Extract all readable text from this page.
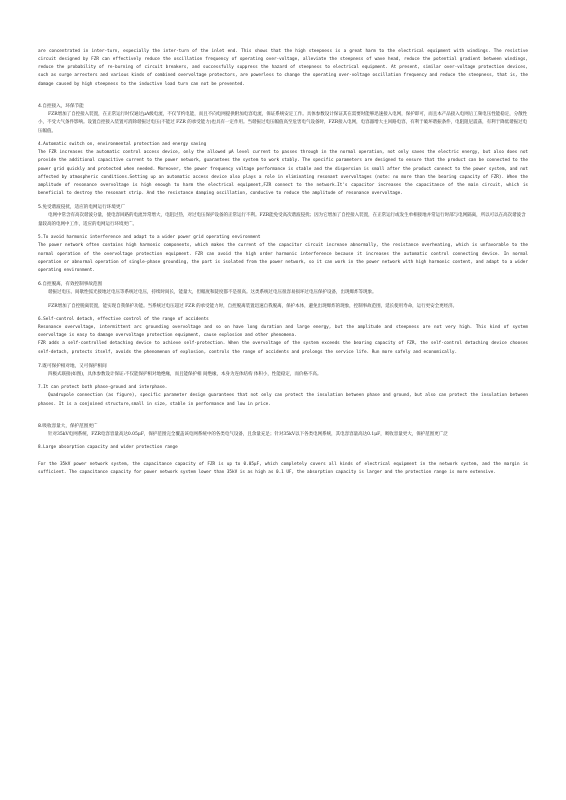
are concentrated in inter-turn, especially the inter-turn of the inlet end. This shows that the high steepness is a great harm to the electrical equipment with windings. The resistive circuit designed by FZR can effectively reduce the oscillation frequency of operating over-voltage, alleviate the steepness of wave head, reduce the potential gradient between windings, reduce the probability of re-burning of circuit breakers, and successfully suppress the hazard of steepness to electrical equipment. At present, similar over-voltage protection devices, such as surge arresters and various kinds of combined overvoltage protectors, are powerless to change the operating over-voltage oscillation frequency and reduce the steepness, that is, the damage caused by high steepness to the inductive load turn can not be prevented.

4.自控接入，环保节能

FZR增加了自控接入装置，在正常运行时仅通过μA级电流，不仅节约电能，而且不向电网提供附加电容电流，保证系统安定工作。具体参数设计保证其在需要时能够迅速接入电网，保护即可，而且本产品接入电网后工频电压性能稳定，分散性小，不受大气条件影响。设置自控接入装置可消除谐振过电压(不能过 FZR 的承受能力)也具有一定作用。当谐振过电压幅值高至危害电气设备时，FZR接入电网，电容器增大主回路电容，有利于破坏谐振条件，电阻阻尼震荡，有利于降低谐振过电压幅值。

4.Automatic switch on, environmental protection and energy saving

The FZR increases the automatic control access device, only the allowed μA level current to passes through in the normal operation, not only saves the electric energy, but also does not provide the additional capacitive current to the power network, guarantees the system to work stably. The specific parameters are designed to ensure that the product can be connected to the power grid quickly and protected when needed. Moreover, the power frequency voltage performance is stable and the dispersion is small after the product connect to the power system, and not affected by atmospheric conditions.Setting up an automatic access device also plays a role in eliminating resonant overvoltages (note: no more than the bearing capacity of FZR). When the amplitude of resonance overvoltage is high enough to harm the electrical equipment,FZR connect to the network.It's capacitor increases the capacitance of the main circuit, which is beneficial to destroy the resonant strip. And the resistance damping oscillation, conducive to reduce the amplitude of resonance overvoltage.

5.免受谐波侵扰，适应的电网运行环境更广

电网中常含有高次谐波分量，使电容回路的电流异常增大，电阻过热，对过电压保护设备的正常运行不利。FZR能免受高次谐波侵扰；因为它增加了自控接入装置，在正常运行或发生单相接地并常运行时部与电网隔离，所以可以在高次谐波含量较高的电网中工作，适应的电网运行环境更广。

5.To avoid harmonic interference and adapt to a wider power grid operating environment

The power network often contains high harmonic components, which makes the current of the capacitor circuit increase abnormally, the resistance overheating, which is unfavorable to the normal operation of the overvoltage protection equipment. FZR can avoid the high order harmonic interference because it increases the automatic control connecting device. In normal operation or abnormal operation of single-phase grounding, the part is isolated from the power network, so it can work in the power network with high harmonic content, and adapt to a wider operating environment.

6.自控脱离，有效控制事故范围

谐振过电压、间歇性弧光接地过电压等系统过电压，持续时间长，能量大，但幅度和陡度都不是很高。这类系统过电压很容易损坏过电压保护设备，出现爆炸等现象。

FZR增加了自控脱离装置，能实现自我保护功能。当系统过电压超过 FZR 的承受能力时，自控脱离装置迅速自我脱离，保护本体，避免出现爆炸的现象，控制事故范围，延长使用寿命，运行更安全更经济。

6.Self-control detach, effective control of the range of accidents

Resonance overvoltage, intermittent arc grounding overvoltage and so on have long duration and large energy, but the amplitude and steepness are not very high. This kind of system overvoltage is easy to damage overvoltage protection equipment, cause explosion and other phenomena.

FZR adds a self-controlled detaching device to achieve self-protection. When the overvoltage of the system exceeds the bearing capacity of FZR, the self-control detaching device chooses self-detach, protects itself, avoids the phenomenon of explosion, controls the range of accidents and prolongs the service life. Run more safely and economically.

7.既可保护相对地，又可保护相间

四极式联接(如图)，具体参数设计保证:不仅能保护相对地绝缘，而且能保护相 间绝缘，本身为连体结构 体积小，性能稳定，而价格不高。

7.It can protect both phase-ground and interphase.

Quadrupole connection (as figure), specific parameter design guarantees that not only can protect the insulation between phase and ground, but also can protect the insulation between phases. It is a conjoined structure,small in size, stable in performance and low in price.

8.吸收容量大，保护范围更广

针对35kV电网系统，FZR电容容量高达0.05μF，保护范围完全覆盖该电网系统中的各类电气设备，且余量充足；针对35kV以下各类电网系统，其电容容量高达0.1μF，吸收容量更大，保护范围更广泛

8.Large absorption capacity and wider protection range

For the 35kV power network system, the capacitance capacity of FZR is up to 0.05μF, which completely covers all kinds of electrical equipment in the network system, and the margin is sufficient. The capacitance capacity for power network system lower than 35kV is as high as 0.1 UF, the absorption capacity is larger and the protection range is more extensive.
